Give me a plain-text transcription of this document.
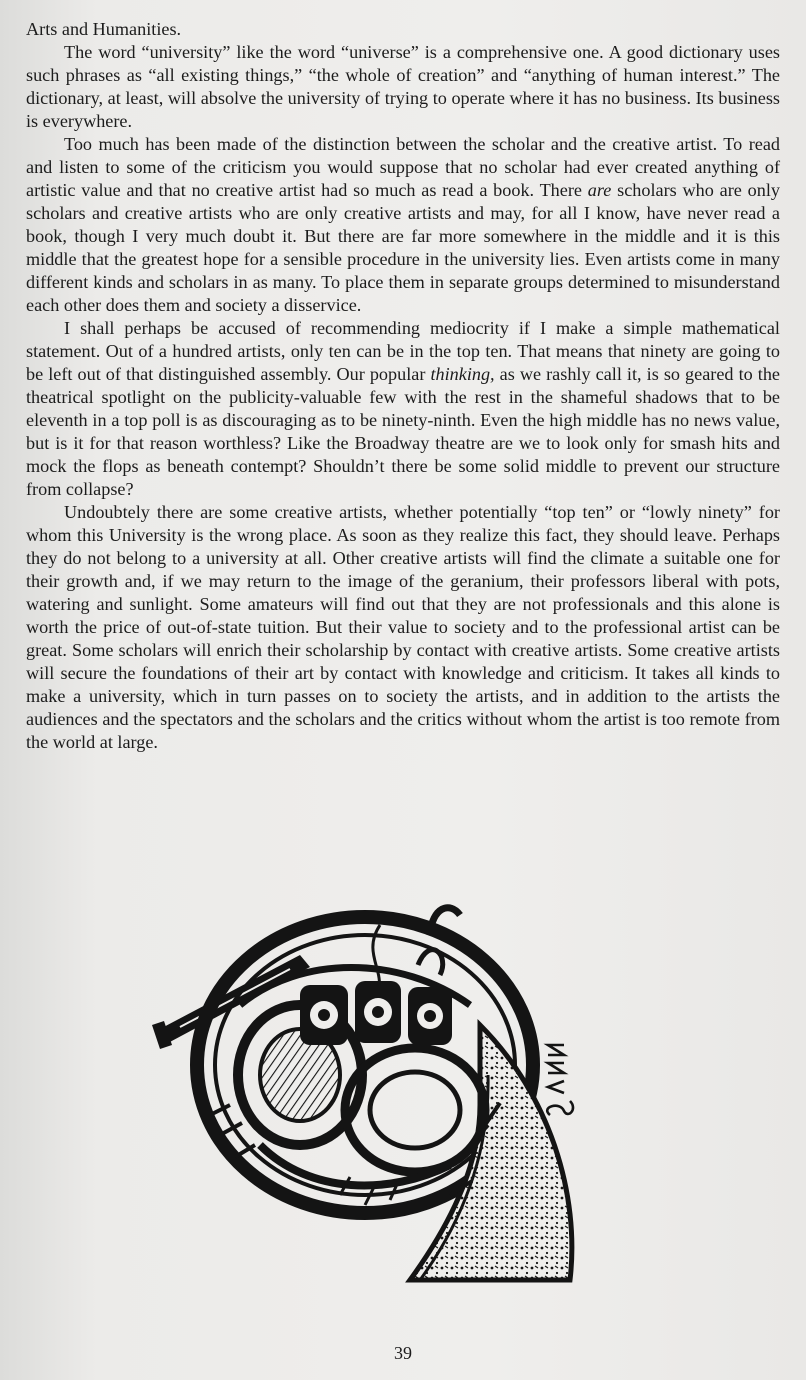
Arts and Humanities.

The word “university” like the word “universe” is a comprehensive one. A good dictionary uses such phrases as “all existing things,” “the whole of creation” and “anything of human interest.” The dictionary, at least, will absolve the university of trying to operate where it has no business. Its business is everywhere.

Too much has been made of the distinction between the scholar and the creative artist. To read and listen to some of the criticism you would suppose that no scholar had ever created anything of artistic value and that no creative artist had so much as read a book. There are scholars who are only scholars and creative artists who are only creative artists and may, for all I know, have never read a book, though I very much doubt it. But there are far more somewhere in the middle and it is this middle that the greatest hope for a sensible procedure in the university lies. Even artists come in many different kinds and scholars in as many. To place them in separate groups determined to misunderstand each other does them and society a disservice.

I shall perhaps be accused of recommending mediocrity if I make a simple mathematical statement. Out of a hundred artists, only ten can be in the top ten. That means that ninety are going to be left out of that distinguished assembly. Our popular thinking, as we rashly call it, is so geared to the theatrical spotlight on the publicity-valuable few with the rest in the shameful shadows that to be eleventh in a top poll is as discouraging as to be ninety-ninth. Even the high middle has no news value, but is it for that reason worthless? Like the Broadway theatre are we to look only for smash hits and mock the flops as beneath contempt? Shouldn’t there be some solid middle to prevent our structure from collapse?

Undoubtely there are some creative artists, whether potentially “top ten” or “lowly ninety” for whom this University is the wrong place. As soon as they realize this fact, they should leave. Perhaps they do not belong to a university at all. Other creative artists will find the climate a suitable one for their growth and, if we may return to the image of the geranium, their professors liberal with pots, watering and sunlight. Some amateurs will find out that they are not professionals and this alone is worth the price of out-of-state tuition. But their value to society and to the professional artist can be great. Some scholars will enrich their scholarship by contact with creative artists. Some creative artists will secure the foundations of their art by contact with knowledge and criticism. It takes all kinds to make a university, which in turn passes on to society the artists, and in addition to the artists the audiences and the spectators and the scholars and the critics without whom the artist is too remote from the world at large.

39
